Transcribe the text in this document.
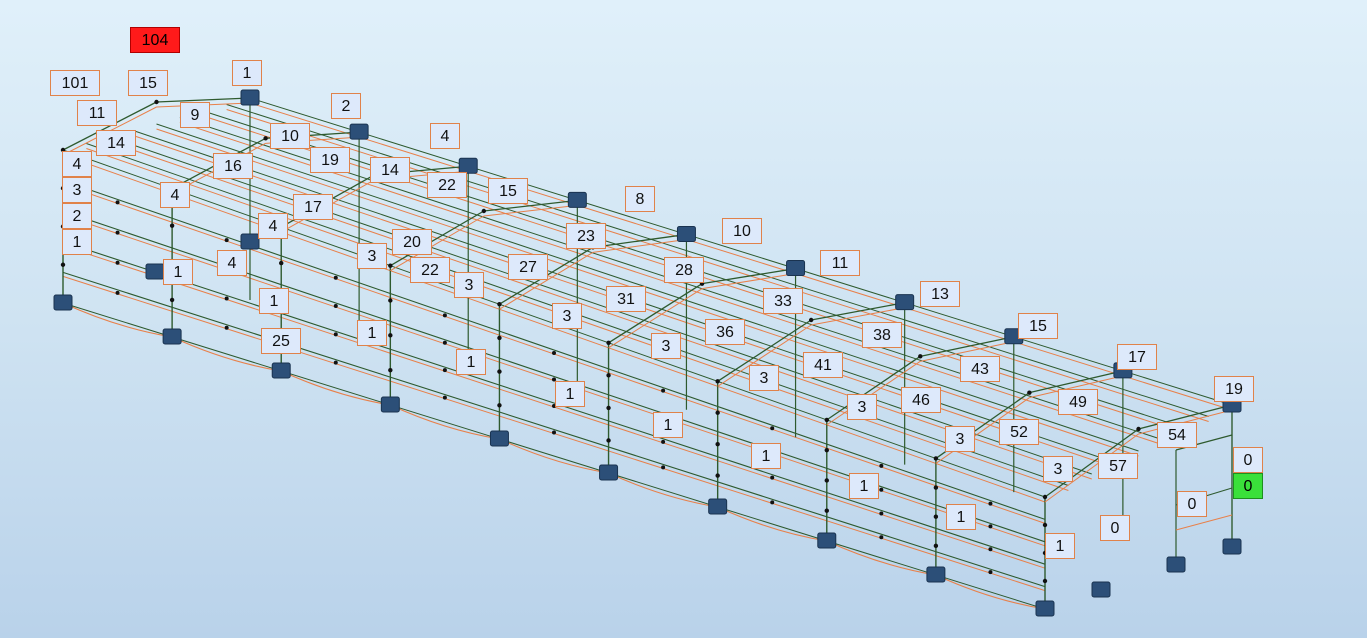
104
101	15
1
11	9
2
14	10	4
4	16	19
14
3	22	15
4
2
17	8
4	10
1	23
20
3
22
4	27
1
11
28
3
13
1	31	33
1
3
15
25
36	38
1
3
17
41	43
1
3
19
46	49
1
3
52	54
1	0
3
57
0
3
1
0
1
0
1
